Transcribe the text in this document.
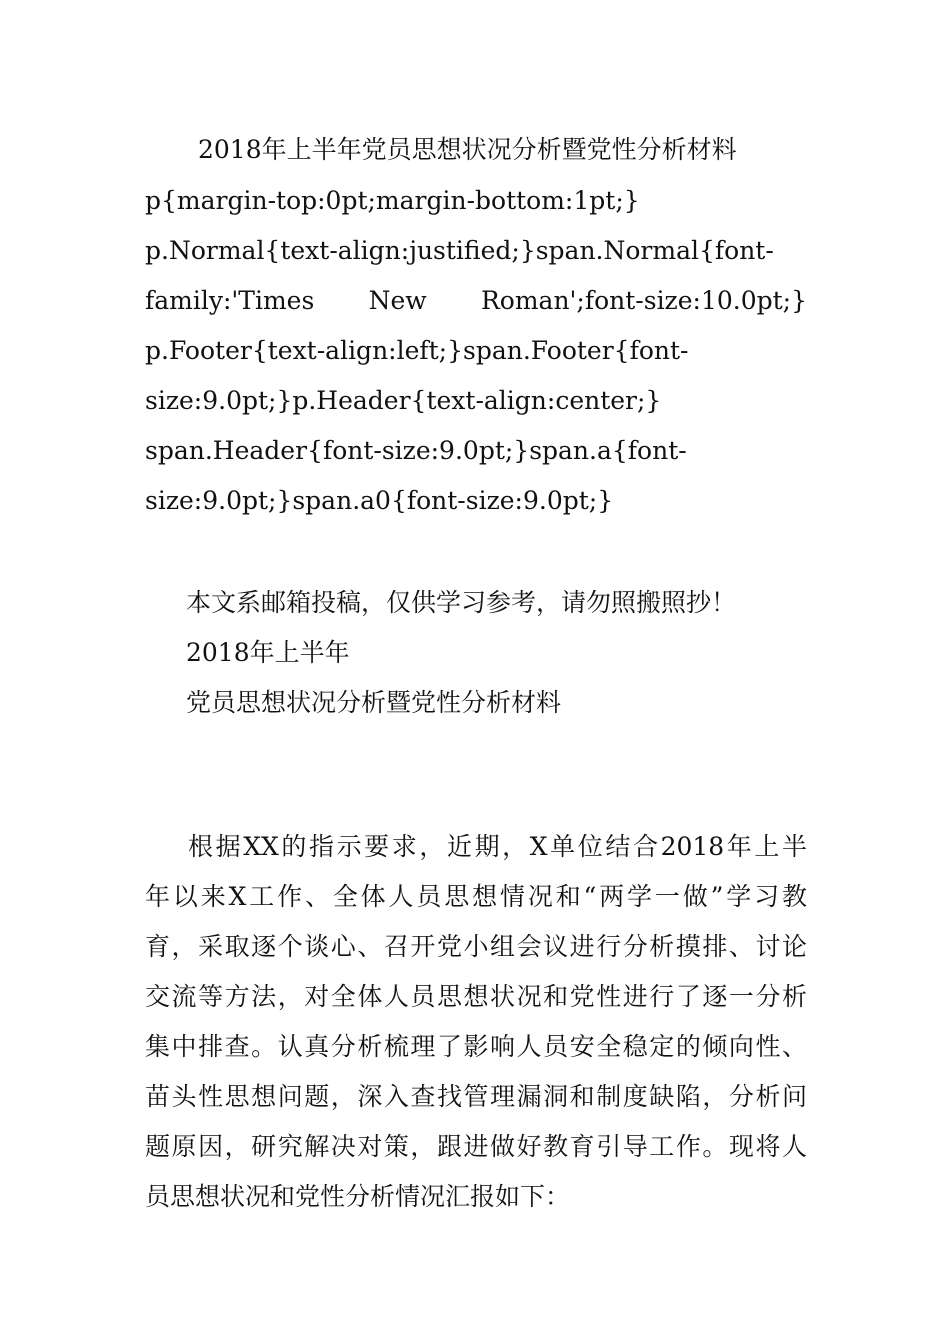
2018年上半年党员思想状况分析暨党性分析材料
p{margin-top:0pt;margin-bottom:1pt;}
p.Normal{text-align:justified;}span.Normal{font-
family:'Times New Roman';font-size:10.0pt;}
p.Footer{text-align:left;}span.Footer{font-
size:9.0pt;}p.Header{text-align:center;}
span.Header{font-size:9.0pt;}span.a{font-
size:9.0pt;}span.a0{font-size:9.0pt;}
本文系邮箱投稿，仅供学习参考，请勿照搬照抄！
2018年上半年
党员思想状况分析暨党性分析材料
根据XX的指示要求，近期，X单位结合2018年上半
年以来X工作、全体人员思想情况和“两学一做”学习教
育，采取逐个谈心、召开党小组会议进行分析摸排、讨论
交流等方法，对全体人员思想状况和党性进行了逐一分析
集中排查。认真分析梳理了影响人员安全稳定的倾向性、
苗头性思想问题，深入查找管理漏洞和制度缺陷，分析问
题原因，研究解决对策，跟进做好教育引导工作。现将人
员思想状况和党性分析情况汇报如下：
